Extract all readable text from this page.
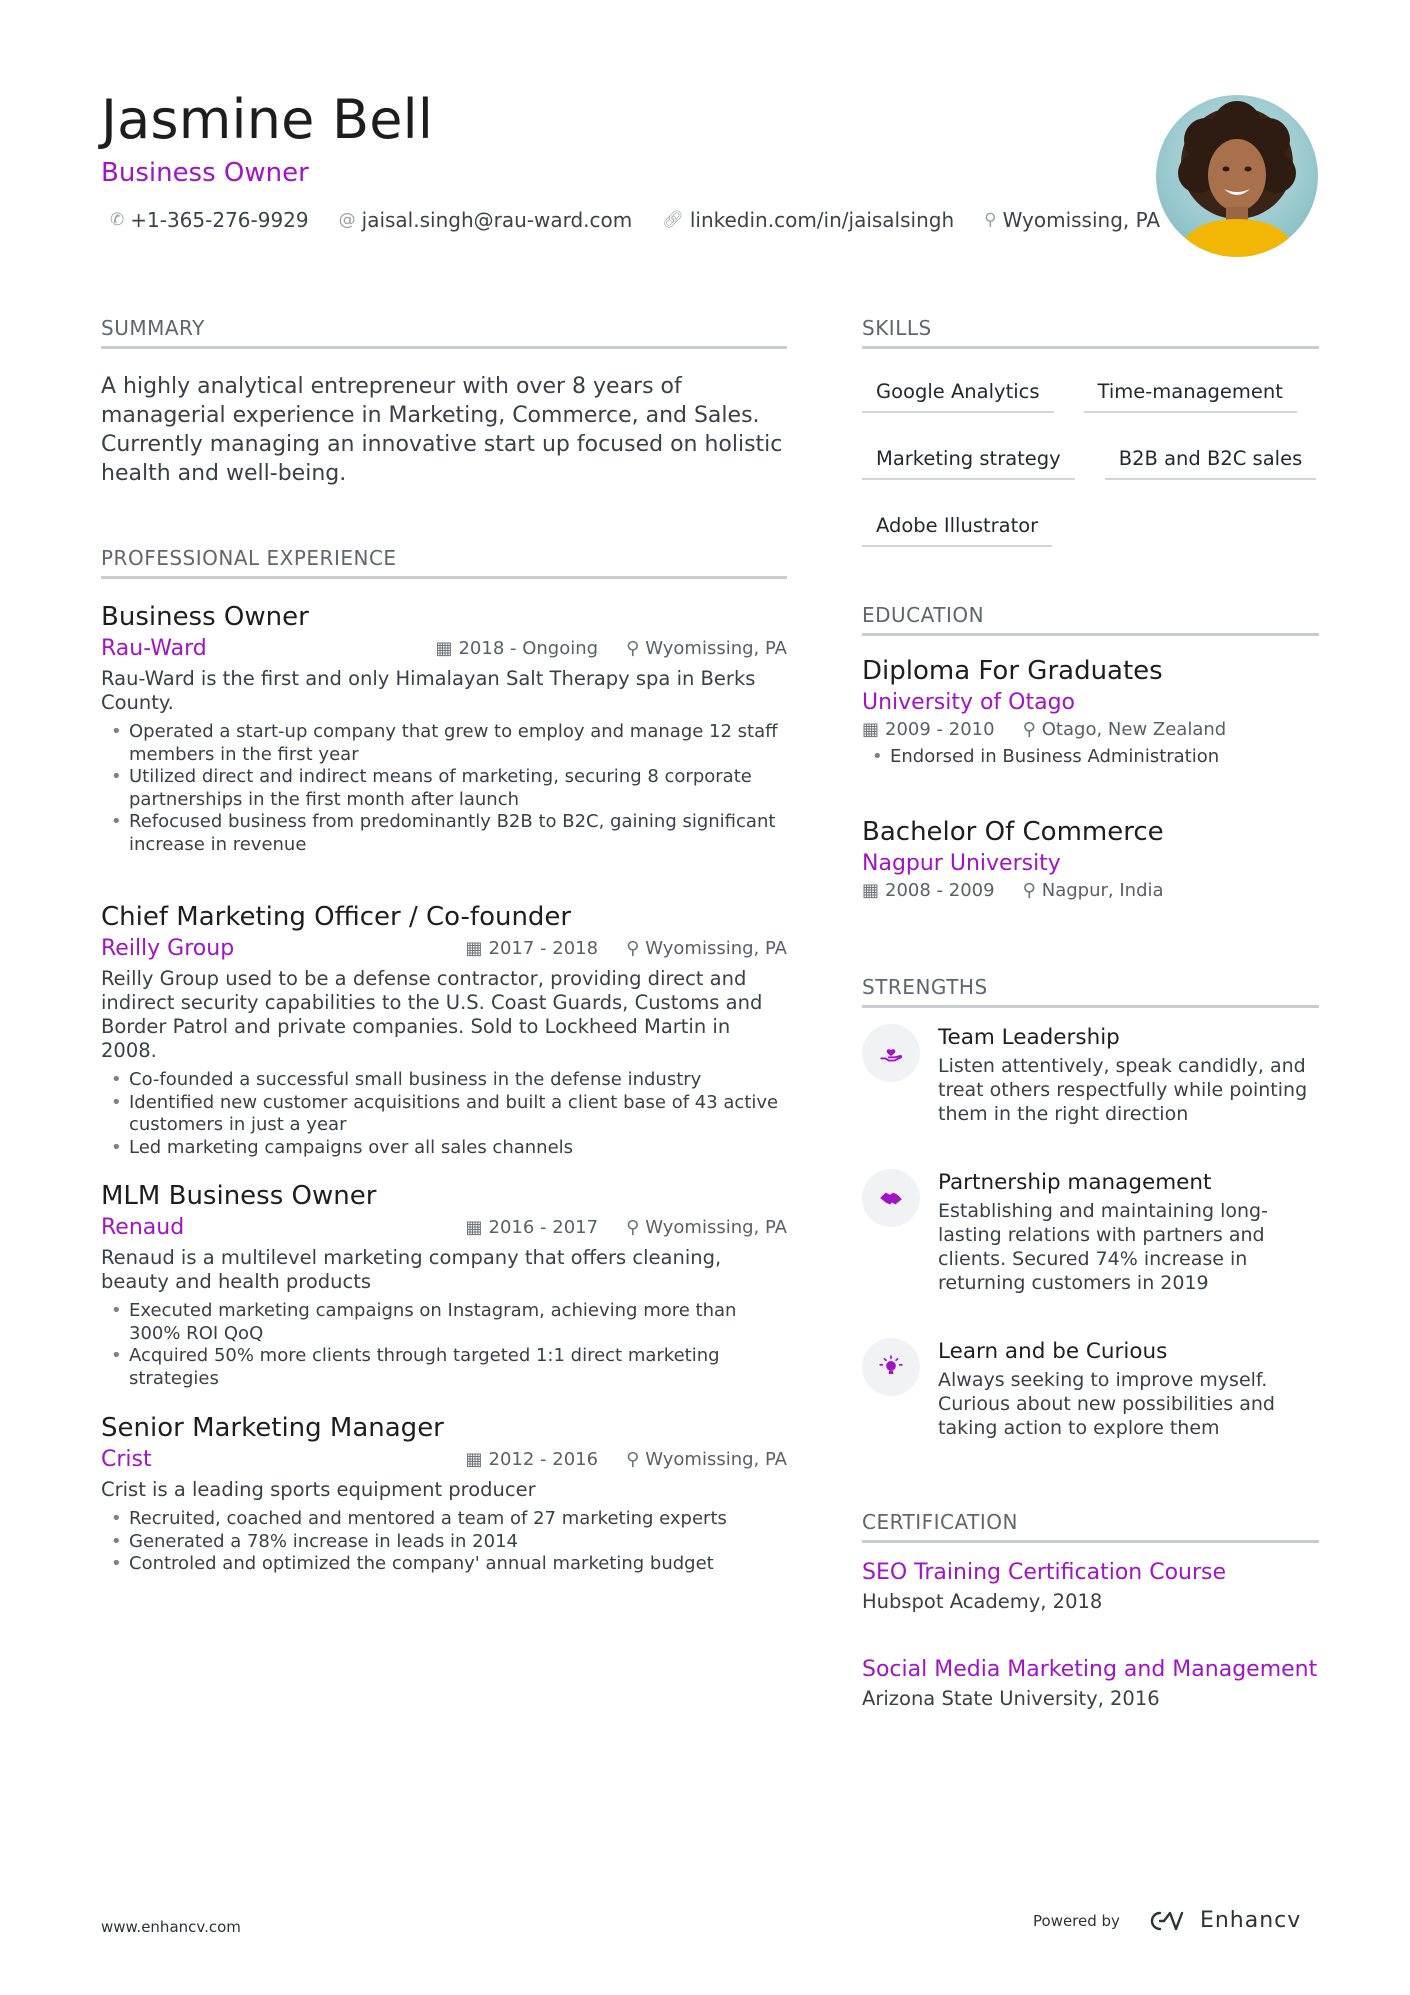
Jasmine Bell
Business Owner
✆ +1-365-276-9929 @ jaisal.singh@rau-ward.com 🔗︎ linkedin.com/in/jaisalsingh ⚲ Wyomissing, PA
SUMMARY
A highly analytical entrepreneur with over 8 years of managerial experience in Marketing, Commerce, and Sales. Currently managing an innovative start up focused on holistic health and well-being.
PROFESSIONAL EXPERIENCE
Business Owner
Rau-Ward	▦ 2018 - Ongoing ⚲ Wyomissing, PA
Rau-Ward is the first and only Himalayan Salt Therapy spa in Berks County.
• Operated a start-up company that grew to employ and manage 12 staff members in the first year
• Utilized direct and indirect means of marketing, securing 8 corporate partnerships in the first month after launch
• Refocused business from predominantly B2B to B2C, gaining significant increase in revenue
Chief Marketing Officer / Co-founder
Reilly Group	▦ 2017 - 2018 ⚲ Wyomissing, PA
Reilly Group used to be a defense contractor, providing direct and indirect security capabilities to the U.S. Coast Guards, Customs and Border Patrol and private companies. Sold to Lockheed Martin in 2008.
• Co-founded a successful small business in the defense industry
• Identified new customer acquisitions and built a client base of 43 active customers in just a year
• Led marketing campaigns over all sales channels
MLM Business Owner
Renaud	▦ 2016 - 2017 ⚲ Wyomissing, PA
Renaud is a multilevel marketing company that offers cleaning, beauty and health products
• Executed marketing campaigns on Instagram, achieving more than 300% ROI QoQ
• Acquired 50% more clients through targeted 1:1 direct marketing strategies
Senior Marketing Manager
Crist	▦ 2012 - 2016 ⚲ Wyomissing, PA
Crist is a leading sports equipment producer
• Recruited, coached and mentored a team of 27 marketing experts
• Generated a 78% increase in leads in 2014
• Controled and optimized the company' annual marketing budget
SKILLS
Google Analytics	Time-management
Marketing strategy	B2B and B2C sales
Adobe Illustrator
EDUCATION
Diploma For Graduates
University of Otago
▦ 2009 - 2010 ⚲ Otago, New Zealand
• Endorsed in Business Administration
Bachelor Of Commerce
Nagpur University
▦ 2008 - 2009 ⚲ Nagpur, India
STRENGTHS
Team Leadership
Listen attentively, speak candidly, and treat others respectfully while pointing them in the right direction
Partnership management
Establishing and maintaining long-lasting relations with partners and clients. Secured 74% increase in returning customers in 2019
Learn and be Curious
Always seeking to improve myself. Curious about new possibilities and taking action to explore them
CERTIFICATION
SEO Training Certification Course
Hubspot Academy, 2018
Social Media Marketing and Management
Arizona State University, 2016
www.enhancv.com	Powered by	Enhancv
